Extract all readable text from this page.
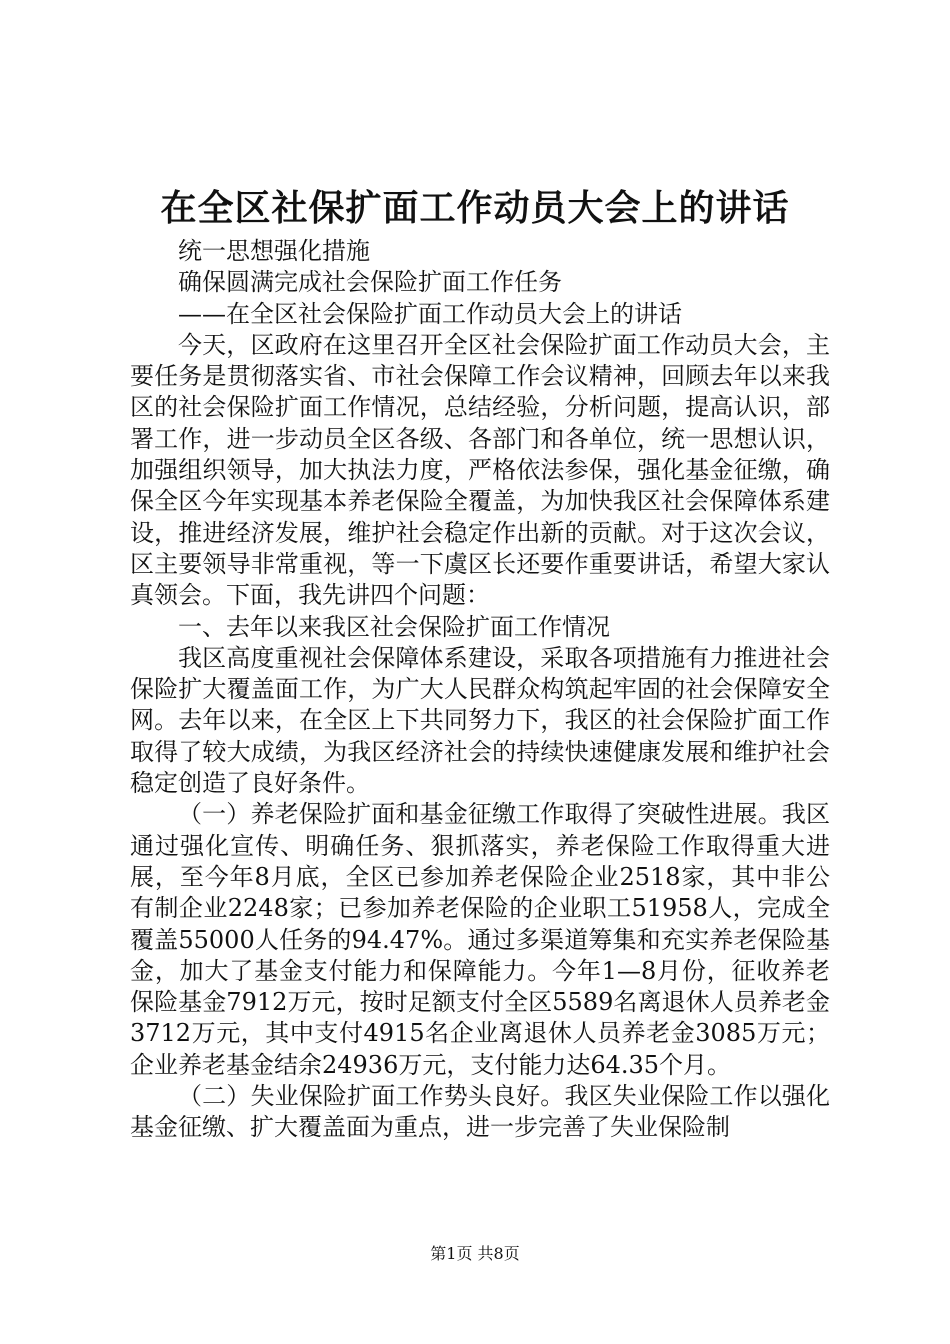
在全区社保扩面工作动员大会上的讲话

统一思想强化措施

确保圆满完成社会保险扩面工作任务

——在全区社会保险扩面工作动员大会上的讲话

今天，区政府在这里召开全区社会保险扩面工作动员大会，主要任务是贯彻落实省、市社会保障工作会议精神，回顾去年以来我区的社会保险扩面工作情况，总结经验，分析问题，提高认识，部署工作，进一步动员全区各级、各部门和各单位，统一思想认识，加强组织领导，加大执法力度，严格依法参保，强化基金征缴，确保全区今年实现基本养老保险全覆盖，为加快我区社会保障体系建设，推进经济发展，维护社会稳定作出新的贡献。对于这次会议，区主要领导非常重视，等一下虞区长还要作重要讲话，希望大家认真领会。下面，我先讲四个问题：

一、去年以来我区社会保险扩面工作情况

我区高度重视社会保障体系建设，采取各项措施有力推进社会保险扩大覆盖面工作，为广大人民群众构筑起牢固的社会保障安全网。去年以来，在全区上下共同努力下，我区的社会保险扩面工作取得了较大成绩，为我区经济社会的持续快速健康发展和维护社会稳定创造了良好条件。

（一）养老保险扩面和基金征缴工作取得了突破性进展。我区通过强化宣传、明确任务、狠抓落实，养老保险工作取得重大进展，至今年8月底，全区已参加养老保险企业2518家，其中非公有制企业2248家；已参加养老保险的企业职工51958人，完成全覆盖55000人任务的94.47%。通过多渠道筹集和充实养老保险基金，加大了基金支付能力和保障能力。今年1—8月份，征收养老保险基金7912万元，按时足额支付全区5589名离退休人员养老金3712万元，其中支付4915名企业离退休人员养老金3085万元；企业养老基金结余24936万元，支付能力达64.35个月。

（二）失业保险扩面工作势头良好。我区失业保险工作以强化基金征缴、扩大覆盖面为重点，进一步完善了失业保险制

第1页 共8页
